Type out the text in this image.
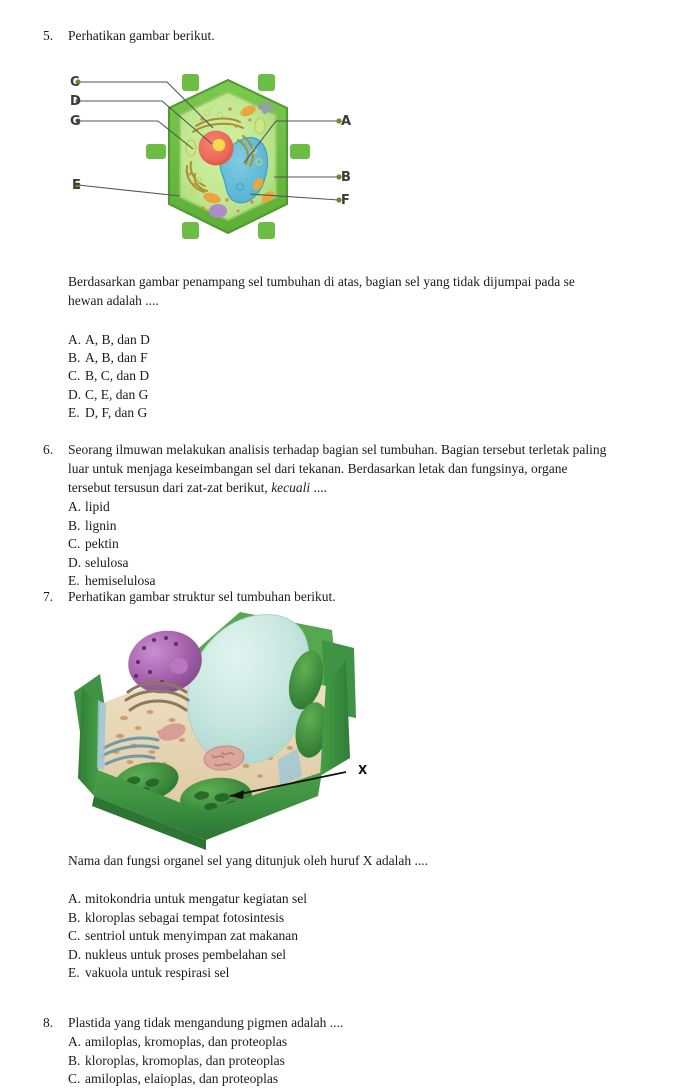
5. Perhatikan gambar berikut.
C
D
G
E
A
B
F
Berdasarkan gambar penampang sel tumbuhan di atas, bagian sel yang tidak dijumpai pada se
hewan adalah ....
A. A, B, dan D
B. A, B, dan F
C. B, C, dan D
D. C, E, dan G
E. D, F, dan G
6. Seorang ilmuwan melakukan analisis terhadap bagian sel tumbuhan. Bagian tersebut terletak paling
luar untuk menjaga keseimbangan sel dari tekanan. Berdasarkan letak dan fungsinya, organe
tersebut tersusun dari zat-zat berikut, kecuali ....
A. lipid
B. lignin
C. pektin
D. selulosa
E. hemiselulosa
7. Perhatikan gambar struktur sel tumbuhan berikut.
X
Nama dan fungsi organel sel yang ditunjuk oleh huruf X adalah ....
A. mitokondria untuk mengatur kegiatan sel
B. kloroplas sebagai tempat fotosintesis
C. sentriol untuk menyimpan zat makanan
D. nukleus untuk proses pembelahan sel
E. vakuola untuk respirasi sel
8. Plastida yang tidak mengandung pigmen adalah ....
A. amiloplas, kromoplas, dan proteoplas
B. kloroplas, kromoplas, dan proteoplas
C. amiloplas, elaioplas, dan proteoplas
